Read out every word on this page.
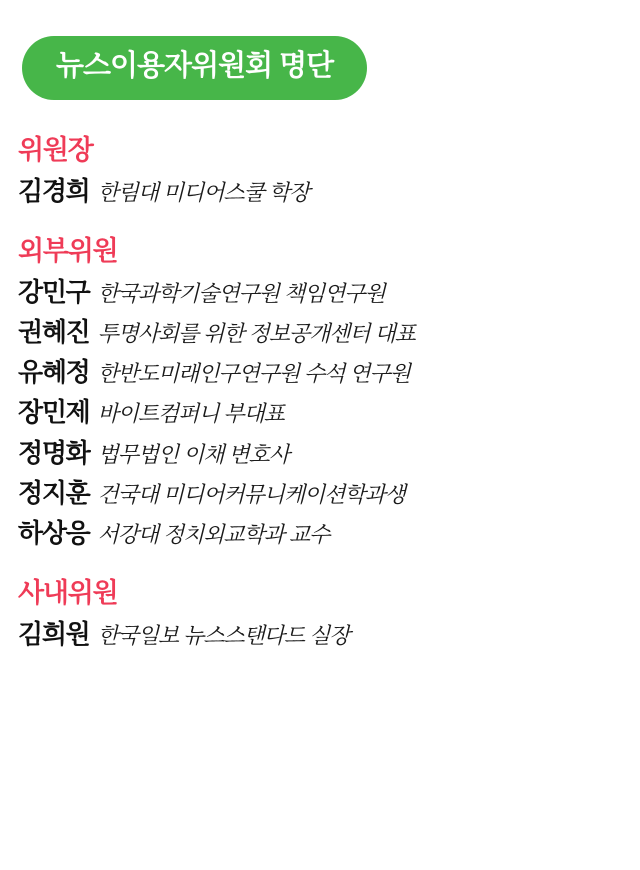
뉴스이용자위원회 명단
위원장
김경희 한림대 미디어스쿨 학장
외부위원
강민구 한국과학기술연구원 책임연구원
권혜진 투명사회를 위한 정보공개센터 대표
유혜정 한반도미래인구연구원 수석 연구원
장민제 바이트컴퍼니 부대표
정명화 법무법인 이채 변호사
정지훈 건국대 미디어커뮤니케이션학과생
하상응 서강대 정치외교학과 교수
사내위원
김희원 한국일보 뉴스스탠다드 실장
